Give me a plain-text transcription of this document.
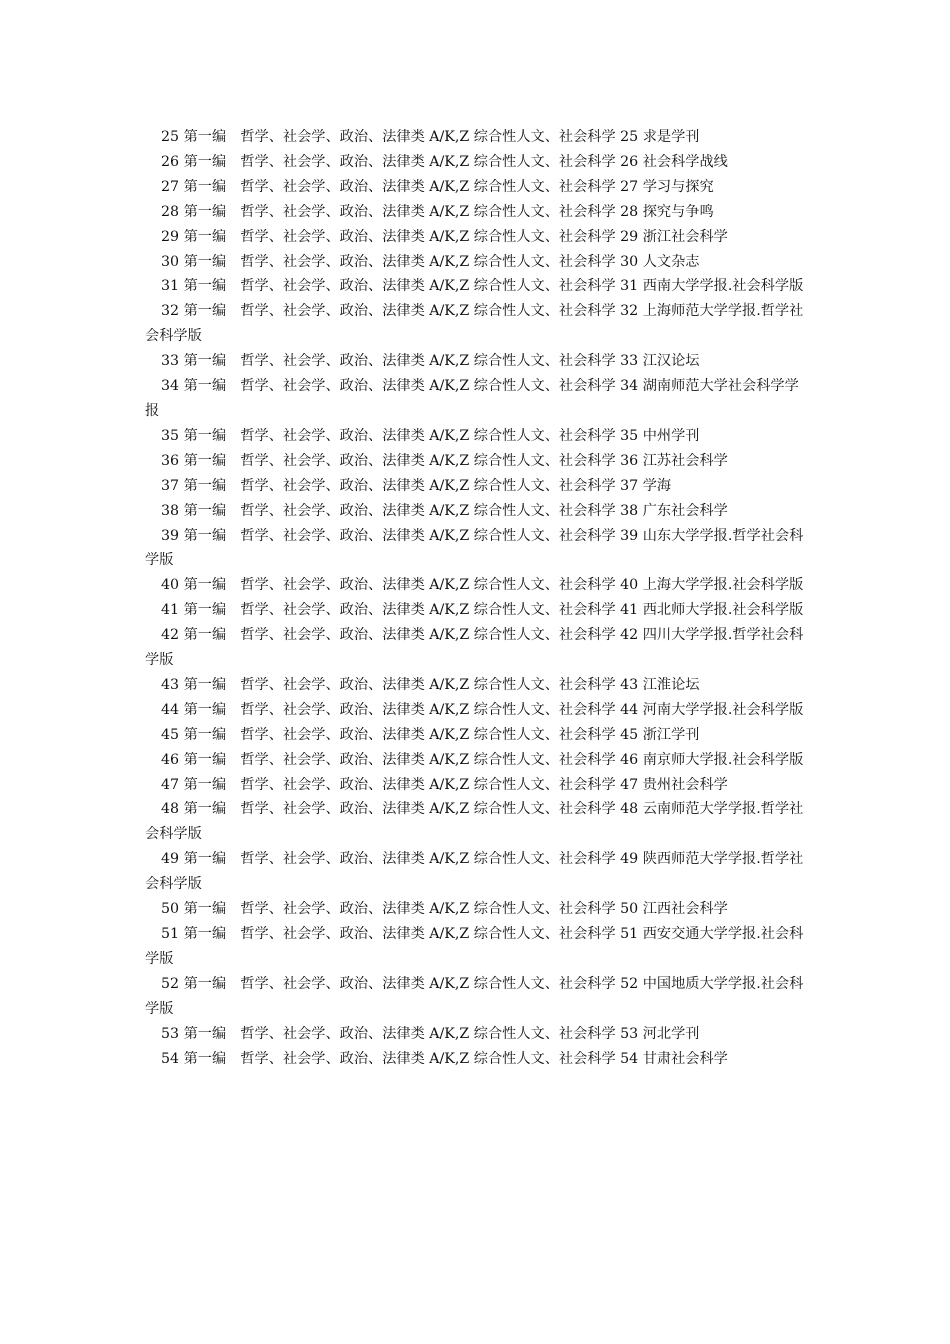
25 第一编　哲学、社会学、政治、法律类 A/K,Z 综合性人文、社会科学 25 求是学刊

26 第一编　哲学、社会学、政治、法律类 A/K,Z 综合性人文、社会科学 26 社会科学战线

27 第一编　哲学、社会学、政治、法律类 A/K,Z 综合性人文、社会科学 27 学习与探究

28 第一编　哲学、社会学、政治、法律类 A/K,Z 综合性人文、社会科学 28 探究与争鸣

29 第一编　哲学、社会学、政治、法律类 A/K,Z 综合性人文、社会科学 29 浙江社会科学

30 第一编　哲学、社会学、政治、法律类 A/K,Z 综合性人文、社会科学 30 人文杂志

31 第一编　哲学、社会学、政治、法律类 A/K,Z 综合性人文、社会科学 31 西南大学学报.社会科学版

32 第一编　哲学、社会学、政治、法律类 A/K,Z 综合性人文、社会科学 32 上海师范大学学报.哲学社会科学版

33 第一编　哲学、社会学、政治、法律类 A/K,Z 综合性人文、社会科学 33 江汉论坛

34 第一编　哲学、社会学、政治、法律类 A/K,Z 综合性人文、社会科学 34 湖南师范大学社会科学学报

35 第一编　哲学、社会学、政治、法律类 A/K,Z 综合性人文、社会科学 35 中州学刊

36 第一编　哲学、社会学、政治、法律类 A/K,Z 综合性人文、社会科学 36 江苏社会科学

37 第一编　哲学、社会学、政治、法律类 A/K,Z 综合性人文、社会科学 37 学海

38 第一编　哲学、社会学、政治、法律类 A/K,Z 综合性人文、社会科学 38 广东社会科学

39 第一编　哲学、社会学、政治、法律类 A/K,Z 综合性人文、社会科学 39 山东大学学报.哲学社会科学版

40 第一编　哲学、社会学、政治、法律类 A/K,Z 综合性人文、社会科学 40 上海大学学报.社会科学版

41 第一编　哲学、社会学、政治、法律类 A/K,Z 综合性人文、社会科学 41 西北师大学报.社会科学版

42 第一编　哲学、社会学、政治、法律类 A/K,Z 综合性人文、社会科学 42 四川大学学报.哲学社会科学版

43 第一编　哲学、社会学、政治、法律类 A/K,Z 综合性人文、社会科学 43 江淮论坛

44 第一编　哲学、社会学、政治、法律类 A/K,Z 综合性人文、社会科学 44 河南大学学报.社会科学版

45 第一编　哲学、社会学、政治、法律类 A/K,Z 综合性人文、社会科学 45 浙江学刊

46 第一编　哲学、社会学、政治、法律类 A/K,Z 综合性人文、社会科学 46 南京师大学报.社会科学版

47 第一编　哲学、社会学、政治、法律类 A/K,Z 综合性人文、社会科学 47 贵州社会科学

48 第一编　哲学、社会学、政治、法律类 A/K,Z 综合性人文、社会科学 48 云南师范大学学报.哲学社会科学版

49 第一编　哲学、社会学、政治、法律类 A/K,Z 综合性人文、社会科学 49 陕西师范大学学报.哲学社会科学版

50 第一编　哲学、社会学、政治、法律类 A/K,Z 综合性人文、社会科学 50 江西社会科学

51 第一编　哲学、社会学、政治、法律类 A/K,Z 综合性人文、社会科学 51 西安交通大学学报.社会科学版

52 第一编　哲学、社会学、政治、法律类 A/K,Z 综合性人文、社会科学 52 中国地质大学学报.社会科学版

53 第一编　哲学、社会学、政治、法律类 A/K,Z 综合性人文、社会科学 53 河北学刊

54 第一编　哲学、社会学、政治、法律类 A/K,Z 综合性人文、社会科学 54 甘肃社会科学
